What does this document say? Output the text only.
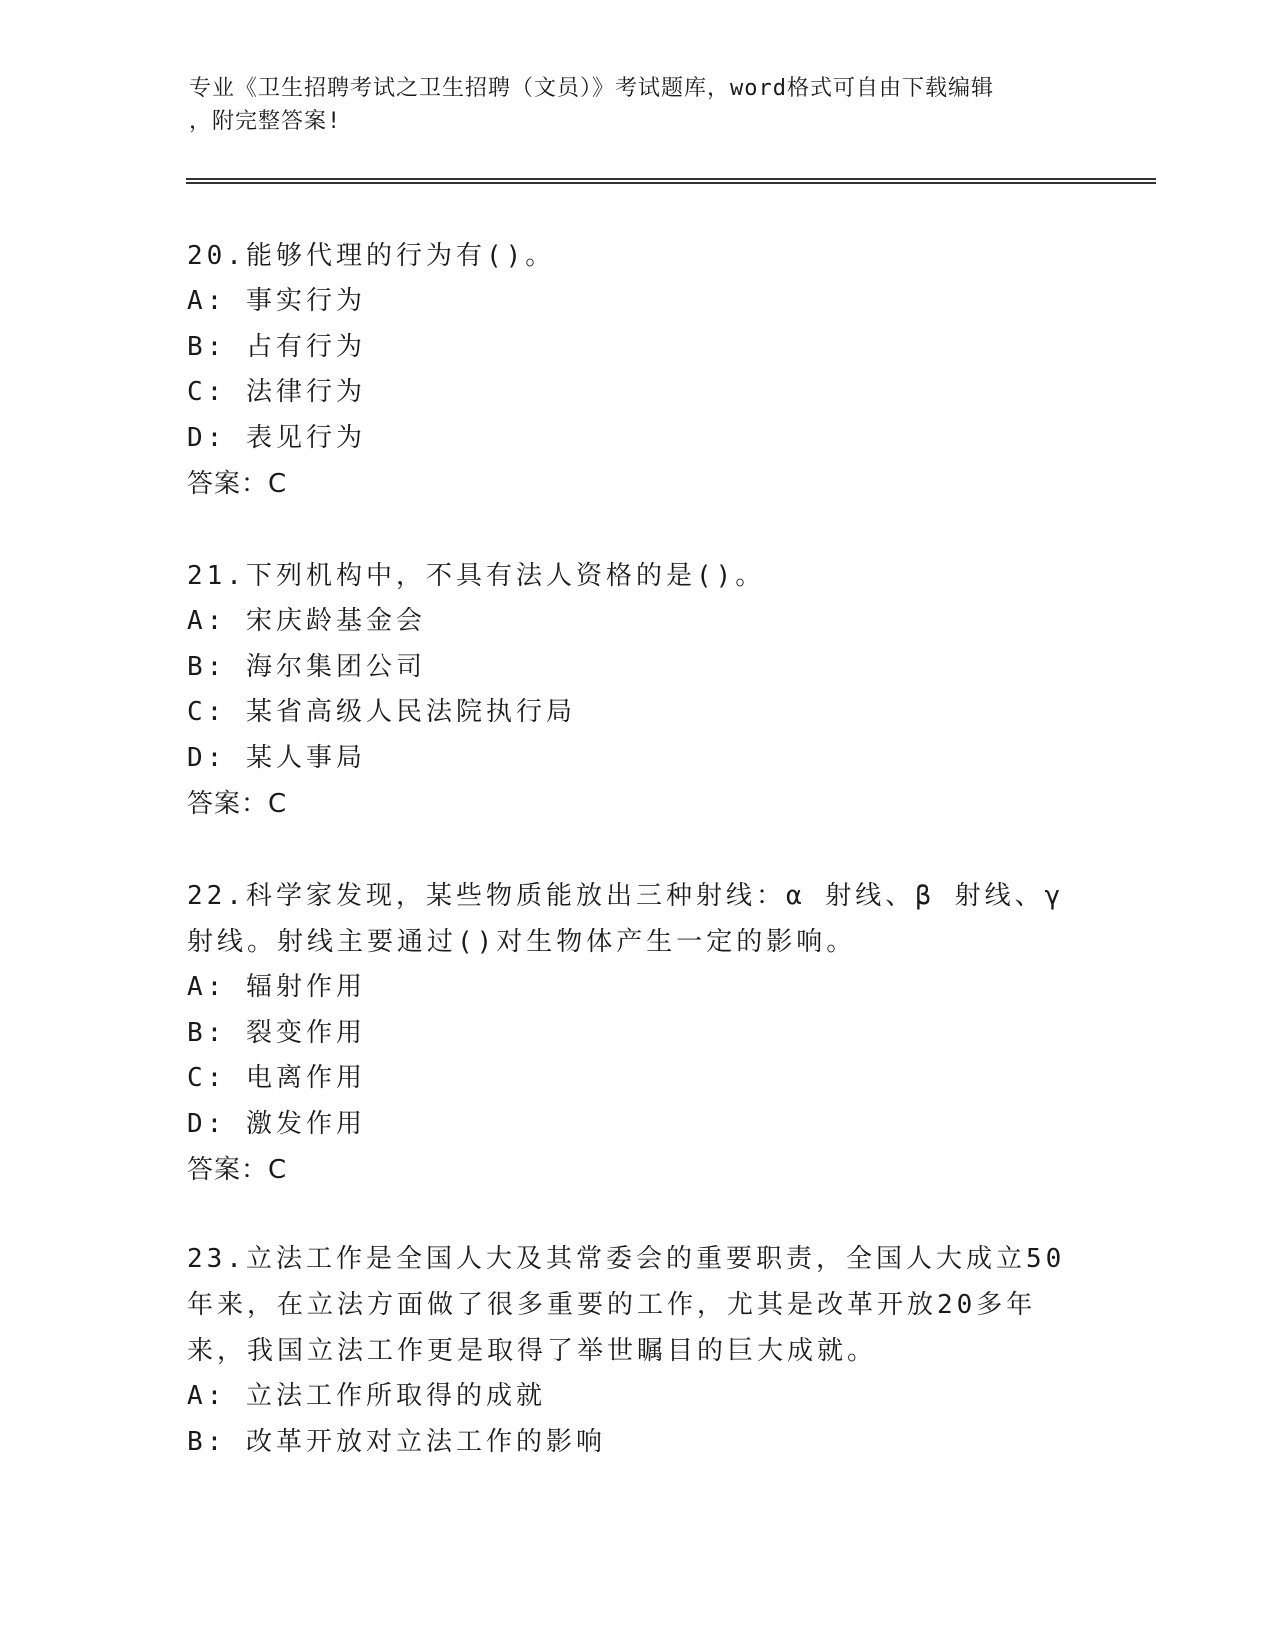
专业《卫生招聘考试之卫生招聘（文员）》考试题库，word格式可自由下载编辑
，附完整答案!
20.能够代理的行为有()。
A: 事实行为
B: 占有行为
C: 法律行为
D: 表见行为
答案：C
21.下列机构中，不具有法人资格的是()。
A: 宋庆龄基金会
B: 海尔集团公司
C: 某省高级人民法院执行局
D: 某人事局
答案：C
22.科学家发现，某些物质能放出三种射线：α 射线、β 射线、γ 射线。射线主要通过()对生物体产生一定的影响。
A: 辐射作用
B: 裂变作用
C: 电离作用
D: 激发作用
答案：C
23.立法工作是全国人大及其常委会的重要职责，全国人大成立50年来，在立法方面做了很多重要的工作，尤其是改革开放20多年来，我国立法工作更是取得了举世瞩目的巨大成就。
A: 立法工作所取得的成就
B: 改革开放对立法工作的影响
